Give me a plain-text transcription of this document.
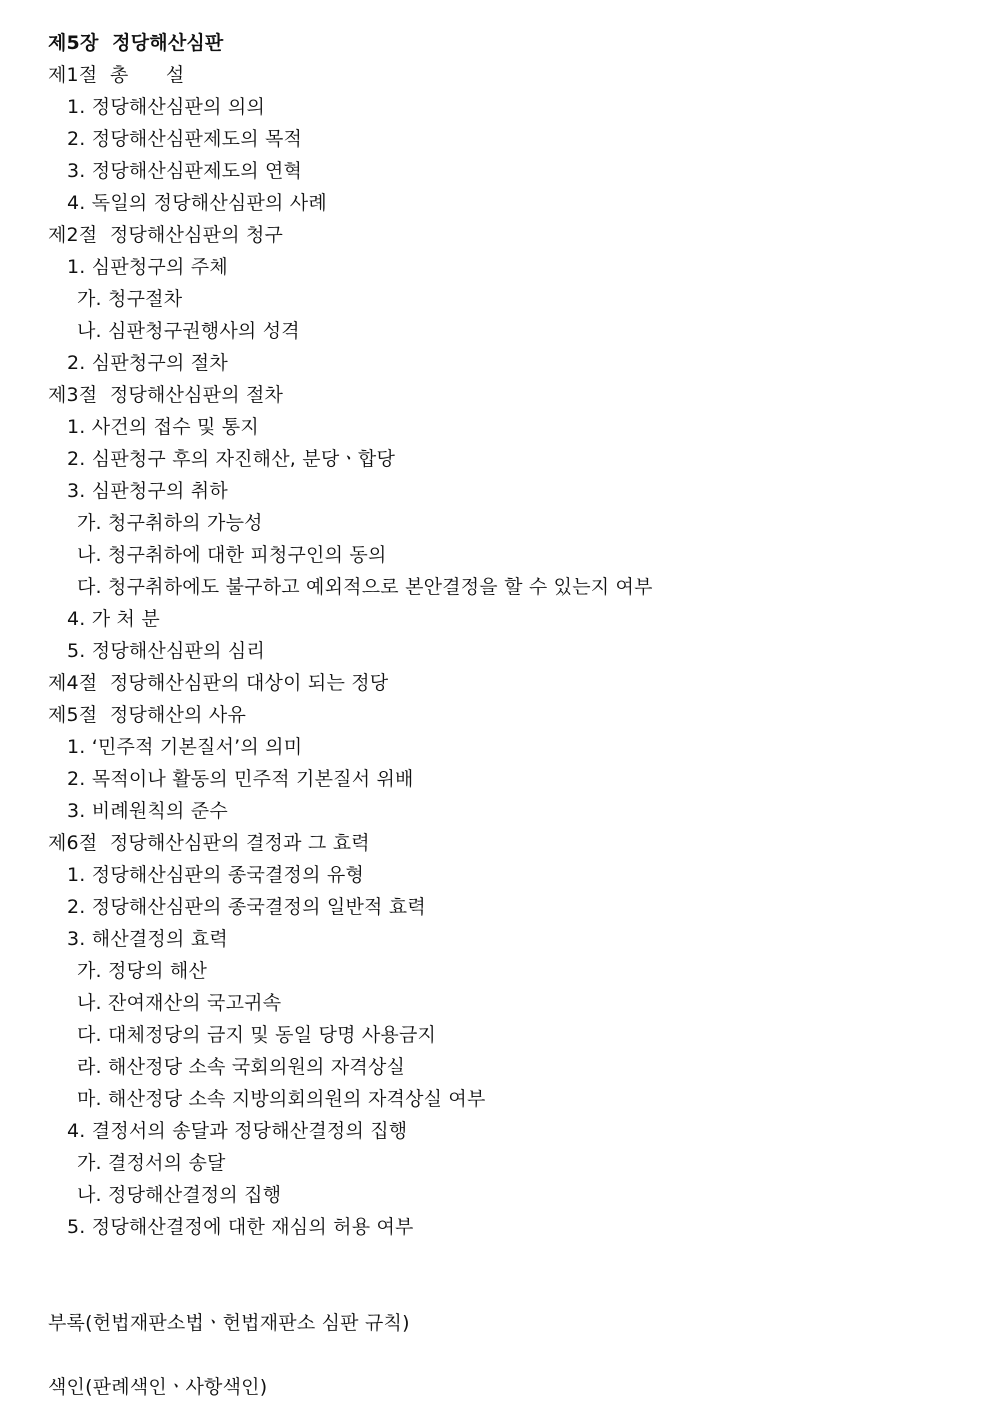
제5장  정당해산심판
제1절  총      설
1. 정당해산심판의 의의
2. 정당해산심판제도의 목적
3. 정당해산심판제도의 연혁
4. 독일의 정당해산심판의 사례
제2절  정당해산심판의 청구
1. 심판청구의 주체
가. 청구절차
나. 심판청구권행사의 성격
2. 심판청구의 절차
제3절  정당해산심판의 절차
1. 사건의 접수 및 통지
2. 심판청구 후의 자진해산, 분당ㆍ합당
3. 심판청구의 취하
가. 청구취하의 가능성
나. 청구취하에 대한 피청구인의 동의
다. 청구취하에도 불구하고 예외적으로 본안결정을 할 수 있는지 여부
4. 가 처 분
5. 정당해산심판의 심리
제4절  정당해산심판의 대상이 되는 정당
제5절  정당해산의 사유
1. ‘민주적 기본질서’의 의미
2. 목적이나 활동의 민주적 기본질서 위배
3. 비례원칙의 준수
제6절  정당해산심판의 결정과 그 효력
1. 정당해산심판의 종국결정의 유형
2. 정당해산심판의 종국결정의 일반적 효력
3. 해산결정의 효력
가. 정당의 해산
나. 잔여재산의 국고귀속
다. 대체정당의 금지 및 동일 당명 사용금지
라. 해산정당 소속 국회의원의 자격상실
마. 해산정당 소속 지방의회의원의 자격상실 여부
4. 결정서의 송달과 정당해산결정의 집행
가. 결정서의 송달
나. 정당해산결정의 집행
5. 정당해산결정에 대한 재심의 허용 여부
부록(헌법재판소법ㆍ헌법재판소 심판 규칙)
색인(판례색인ㆍ사항색인)
